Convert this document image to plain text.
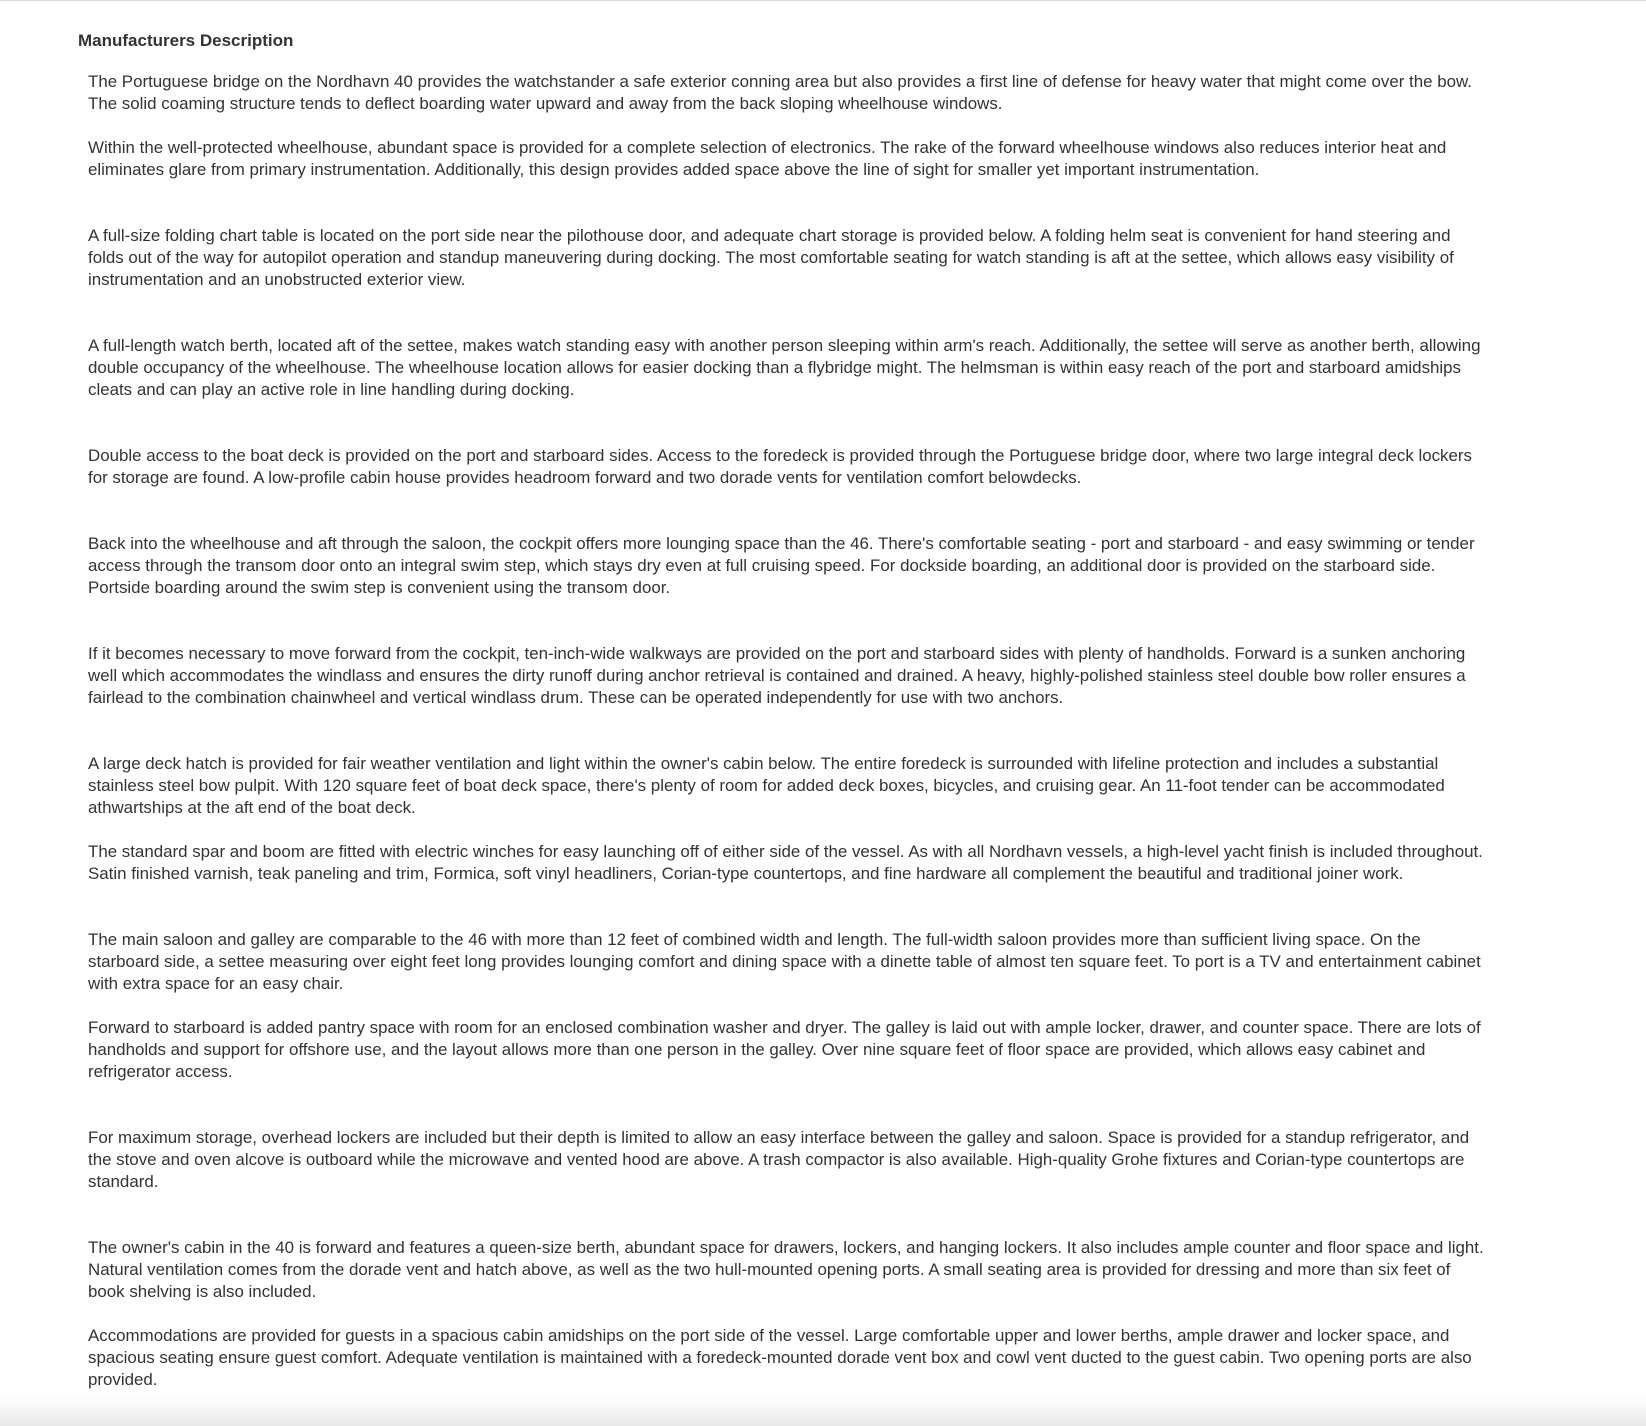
Manufacturers Description

The Portuguese bridge on the Nordhavn 40 provides the watchstander a safe exterior conning area but also provides a first line of defense for heavy water that might come over the bow. The solid coaming structure tends to deflect boarding water upward and away from the back sloping wheelhouse windows.

Within the well-protected wheelhouse, abundant space is provided for a complete selection of electronics. The rake of the forward wheelhouse windows also reduces interior heat and eliminates glare from primary instrumentation. Additionally, this design provides added space above the line of sight for smaller yet important instrumentation.

A full-size folding chart table is located on the port side near the pilothouse door, and adequate chart storage is provided below. A folding helm seat is convenient for hand steering and folds out of the way for autopilot operation and standup maneuvering during docking. The most comfortable seating for watch standing is aft at the settee, which allows easy visibility of instrumentation and an unobstructed exterior view.

A full-length watch berth, located aft of the settee, makes watch standing easy with another person sleeping within arm's reach. Additionally, the settee will serve as another berth, allowing double occupancy of the wheelhouse. The wheelhouse location allows for easier docking than a flybridge might. The helmsman is within easy reach of the port and starboard amidships cleats and can play an active role in line handling during docking.

Double access to the boat deck is provided on the port and starboard sides. Access to the foredeck is provided through the Portuguese bridge door, where two large integral deck lockers for storage are found. A low-profile cabin house provides headroom forward and two dorade vents for ventilation comfort belowdecks.

Back into the wheelhouse and aft through the saloon, the cockpit offers more lounging space than the 46. There's comfortable seating - port and starboard - and easy swimming or tender access through the transom door onto an integral swim step, which stays dry even at full cruising speed. For dockside boarding, an additional door is provided on the starboard side. Portside boarding around the swim step is convenient using the transom door.

If it becomes necessary to move forward from the cockpit, ten-inch-wide walkways are provided on the port and starboard sides with plenty of handholds. Forward is a sunken anchoring well which accommodates the windlass and ensures the dirty runoff during anchor retrieval is contained and drained. A heavy, highly-polished stainless steel double bow roller ensures a fairlead to the combination chainwheel and vertical windlass drum. These can be operated independently for use with two anchors.

A large deck hatch is provided for fair weather ventilation and light within the owner's cabin below. The entire foredeck is surrounded with lifeline protection and includes a substantial stainless steel bow pulpit. With 120 square feet of boat deck space, there's plenty of room for added deck boxes, bicycles, and cruising gear. An 11-foot tender can be accommodated athwartships at the aft end of the boat deck.

The standard spar and boom are fitted with electric winches for easy launching off of either side of the vessel. As with all Nordhavn vessels, a high-level yacht finish is included throughout. Satin finished varnish, teak paneling and trim, Formica, soft vinyl headliners, Corian-type countertops, and fine hardware all complement the beautiful and traditional joiner work.

The main saloon and galley are comparable to the 46 with more than 12 feet of combined width and length. The full-width saloon provides more than sufficient living space. On the starboard side, a settee measuring over eight feet long provides lounging comfort and dining space with a dinette table of almost ten square feet. To port is a TV and entertainment cabinet with extra space for an easy chair.

Forward to starboard is added pantry space with room for an enclosed combination washer and dryer. The galley is laid out with ample locker, drawer, and counter space. There are lots of handholds and support for offshore use, and the layout allows more than one person in the galley. Over nine square feet of floor space are provided, which allows easy cabinet and refrigerator access.

For maximum storage, overhead lockers are included but their depth is limited to allow an easy interface between the galley and saloon. Space is provided for a standup refrigerator, and the stove and oven alcove is outboard while the microwave and vented hood are above. A trash compactor is also available. High-quality Grohe fixtures and Corian-type countertops are standard.

The owner's cabin in the 40 is forward and features a queen-size berth, abundant space for drawers, lockers, and hanging lockers. It also includes ample counter and floor space and light. Natural ventilation comes from the dorade vent and hatch above, as well as the two hull-mounted opening ports. A small seating area is provided for dressing and more than six feet of book shelving is also included.

Accommodations are provided for guests in a spacious cabin amidships on the port side of the vessel. Large comfortable upper and lower berths, ample drawer and locker space, and spacious seating ensure guest comfort. Adequate ventilation is maintained with a foredeck-mounted dorade vent box and cowl vent ducted to the guest cabin. Two opening ports are also provided.
